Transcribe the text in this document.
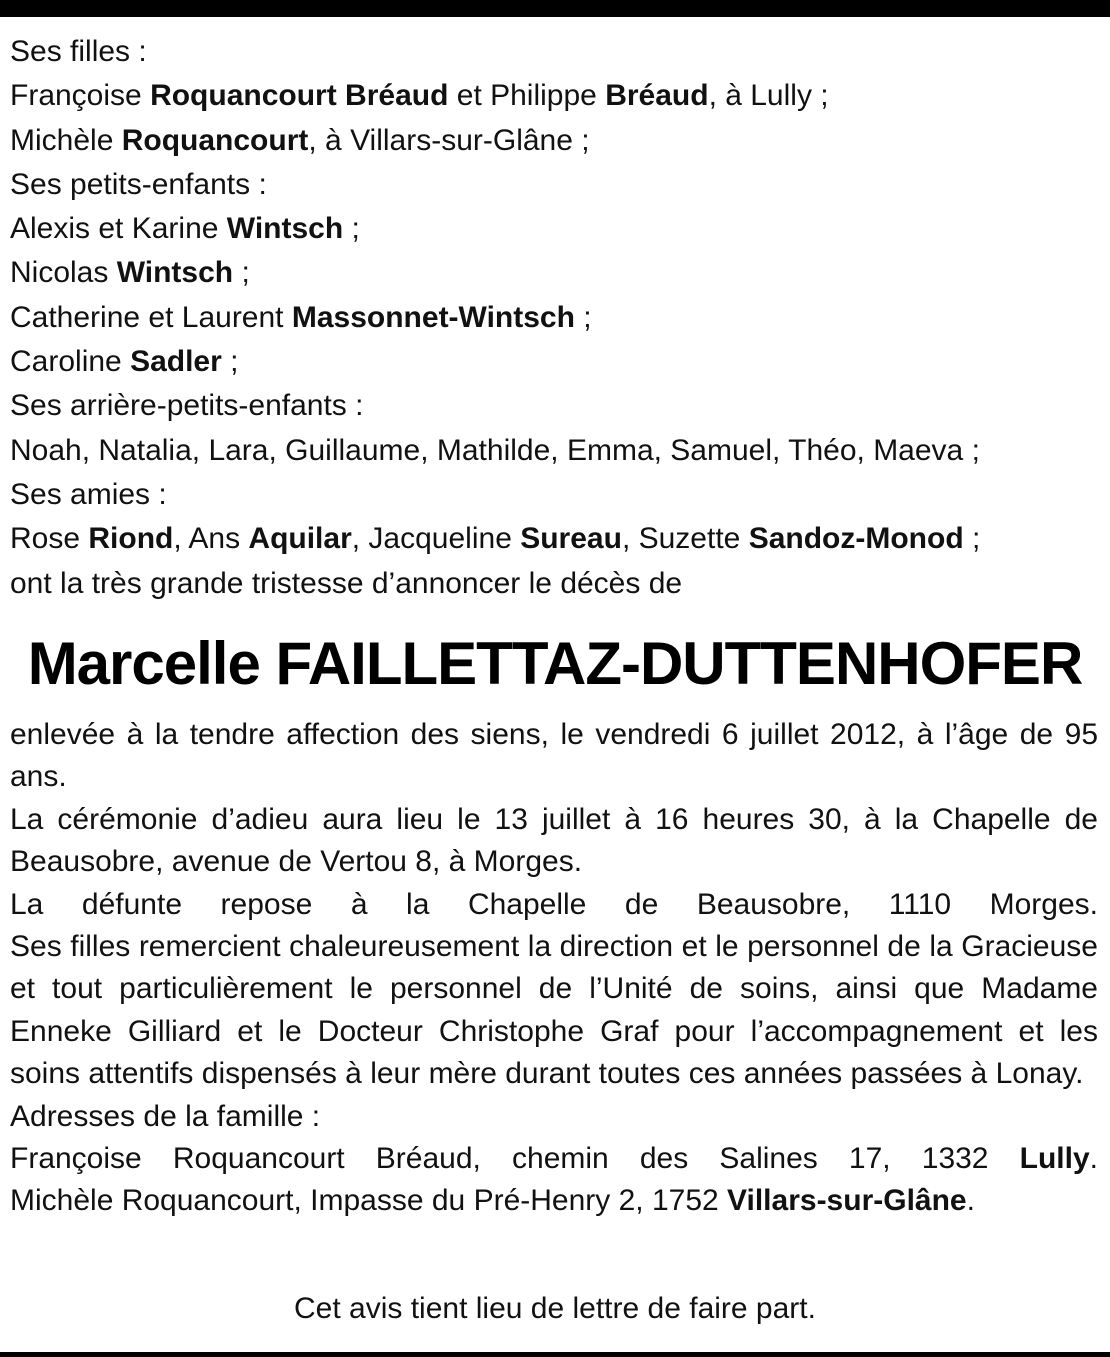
Ses filles :
Françoise Roquancourt Bréaud et Philippe Bréaud, à Lully ;
Michèle Roquancourt, à Villars-sur-Glâne ;
Ses petits-enfants :
Alexis et Karine Wintsch ;
Nicolas Wintsch ;
Catherine et Laurent Massonnet-Wintsch ;
Caroline Sadler ;
Ses arrière-petits-enfants :
Noah, Natalia, Lara, Guillaume, Mathilde, Emma, Samuel, Théo, Maeva ;
Ses amies :
Rose Riond, Ans Aquilar, Jacqueline Sureau, Suzette Sandoz-Monod ;
ont la très grande tristesse d’annoncer le décès de
Marcelle FAILLETTAZ-DUTTENHOFER

enlevée à la tendre affection des siens, le vendredi 6 juillet 2012, à l’âge de 95 ans.

La cérémonie d’adieu aura lieu le 13 juillet à 16 heures 30, à la Chapelle de Beausobre, avenue de Vertou 8, à Morges.

La défunte repose à la Chapelle de Beausobre, 1110 Morges.

Ses filles remercient chaleureusement la direction et le personnel de la Gracieuse et tout particulièrement le personnel de l’Unité de soins, ainsi que Madame Enneke Gilliard et le Docteur Christophe Graf pour l’accompagnement et les soins attentifs dispensés à leur mère durant toutes ces années passées à Lonay.

Adresses de la famille :

Françoise Roquancourt Bréaud, chemin des Salines 17, 1332 Lully.

Michèle Roquancourt, Impasse du Pré-Henry 2, 1752 Villars-sur-Glâne.

Cet avis tient lieu de lettre de faire part.
